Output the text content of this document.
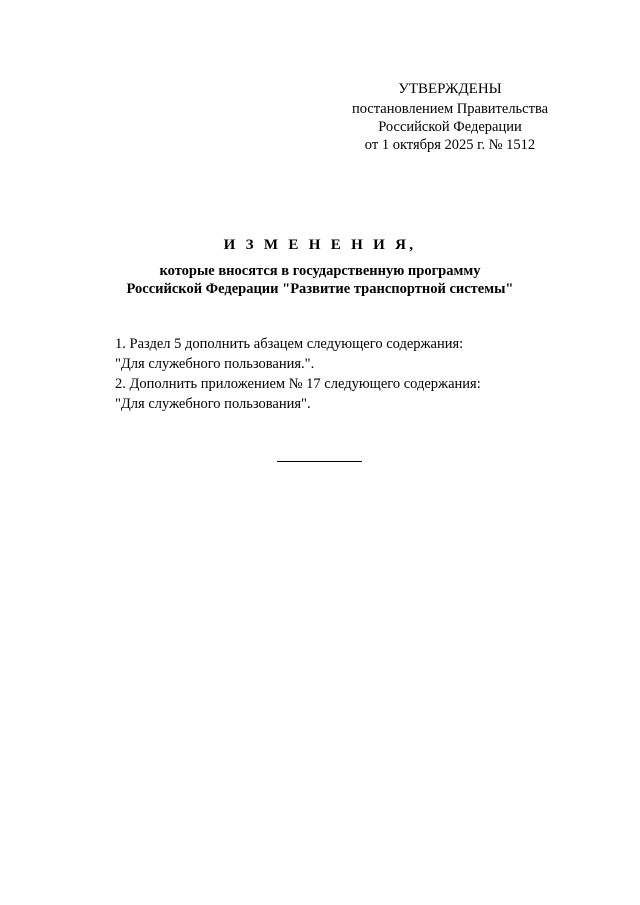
УТВЕРЖДЕНЫ
постановлением Правительства
Российской Федерации
от 1 октября 2025 г. № 1512
И З М Е Н Е Н И Я,
которые вносятся в государственную программу
Российской Федерации "Развитие транспортной системы"
1. Раздел 5 дополнить абзацем следующего содержания:
"Для служебного пользования.".
2. Дополнить приложением № 17 следующего содержания:
"Для служебного пользования".
